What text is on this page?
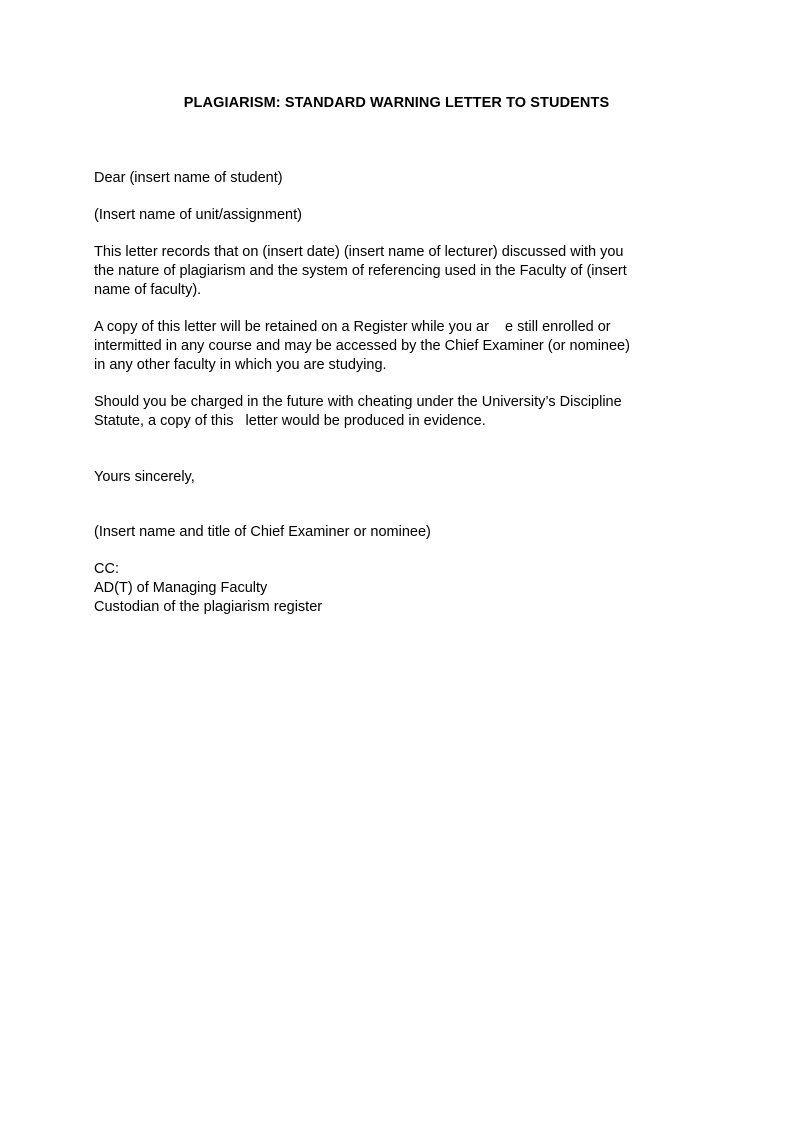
PLAGIARISM: STANDARD WARNING LETTER TO STUDENTS
Dear (insert name of student)
(Insert name of unit/assignment)
This letter records that on (insert date) (insert name of lecturer) discussed with you
the nature of plagiarism and the system of referencing used in the Faculty of (insert
name of faculty).
A copy of this letter will be retained on a Register while you ar    e still enrolled or
intermitted in any course and may be accessed by the Chief Examiner (or nominee)
in any other faculty in which you are studying.
Should you be charged in the future with cheating under the University’s Discipline
Statute, a copy of this   letter would be produced in evidence.
Yours sincerely,
(Insert name and title of Chief Examiner or nominee)
CC:
AD(T) of Managing Faculty
Custodian of the plagiarism register
